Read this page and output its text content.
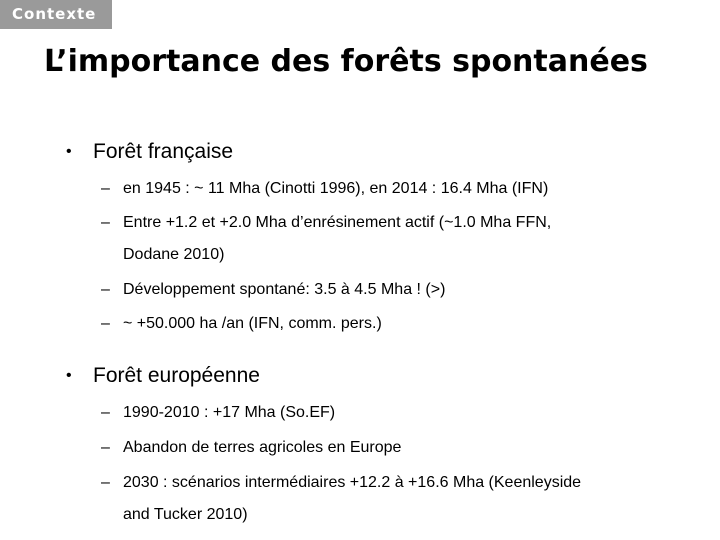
Contexte
L’importance des forêts spontanées
• Forêt française
– en 1945 : ~ 11 Mha (Cinotti 1996), en 2014 : 16.4 Mha (IFN)
– Entre +1.2 et +2.0 Mha d’enrésinement actif (~1.0 Mha FFN,
Dodane 2010)
– Développement spontané: 3.5 à 4.5 Mha ! (>)
– ~ +50.000 ha /an (IFN, comm. pers.)
• Forêt européenne
– 1990-2010 : +17 Mha (So.EF)
– Abandon de terres agricoles en Europe
– 2030 : scénarios intermédiaires +12.2 à +16.6 Mha (Keenleyside
and Tucker 2010)
